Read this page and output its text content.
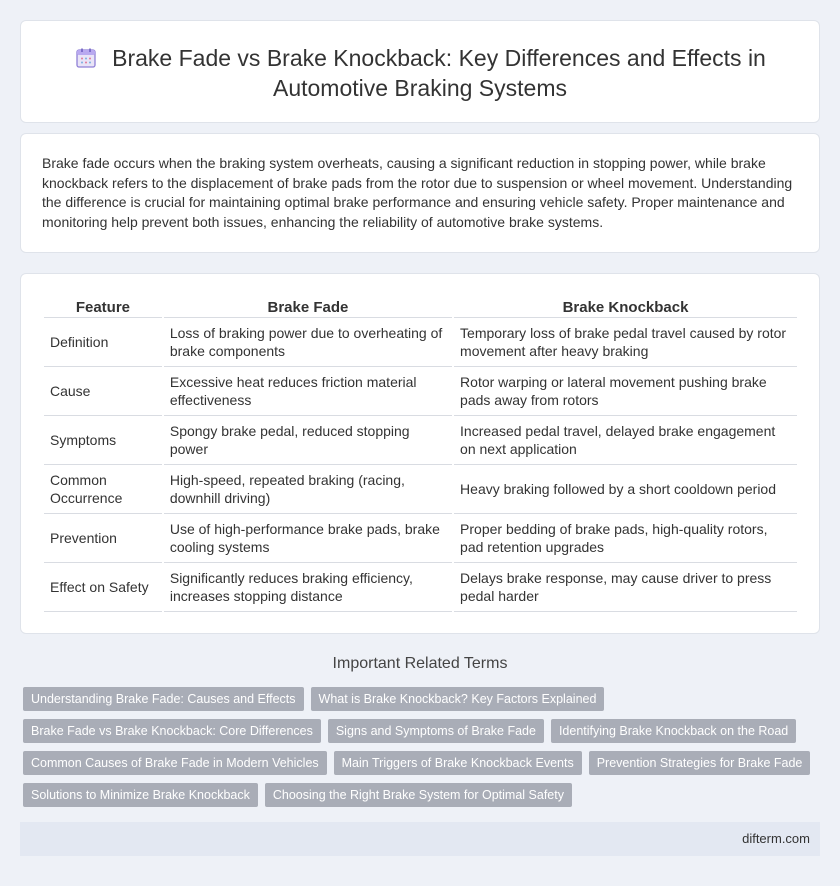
Brake Fade vs Brake Knockback: Key Differences and Effects in Automotive Braking Systems

Brake fade occurs when the braking system overheats, causing a significant reduction in stopping power, while brake knockback refers to the displacement of brake pads from the rotor due to suspension or wheel movement. Understanding the difference is crucial for maintaining optimal brake performance and ensuring vehicle safety. Proper maintenance and monitoring help prevent both issues, enhancing the reliability of automotive brake systems.

Feature	Brake Fade	Brake Knockback
Definition	Loss of braking power due to overheating of brake components	Temporary loss of brake pedal travel caused by rotor movement after heavy braking
Cause	Excessive heat reduces friction material effectiveness	Rotor warping or lateral movement pushing brake pads away from rotors
Symptoms	Spongy brake pedal, reduced stopping power	Increased pedal travel, delayed brake engagement on next application
Common Occurrence	High-speed, repeated braking (racing, downhill driving)	Heavy braking followed by a short cooldown period
Prevention	Use of high-performance brake pads, brake cooling systems	Proper bedding of brake pads, high-quality rotors, pad retention upgrades
Effect on Safety	Significantly reduces braking efficiency, increases stopping distance	Delays brake response, may cause driver to press pedal harder
Important Related Terms
Understanding Brake Fade: Causes and Effects What is Brake Knockback? Key Factors Explained
Brake Fade vs Brake Knockback: Core Differences Signs and Symptoms of Brake Fade Identifying Brake Knockback on the Road
Common Causes of Brake Fade in Modern Vehicles Main Triggers of Brake Knockback Events Prevention Strategies for Brake Fade
Solutions to Minimize Brake Knockback Choosing the Right Brake System for Optimal Safety
difterm.com
